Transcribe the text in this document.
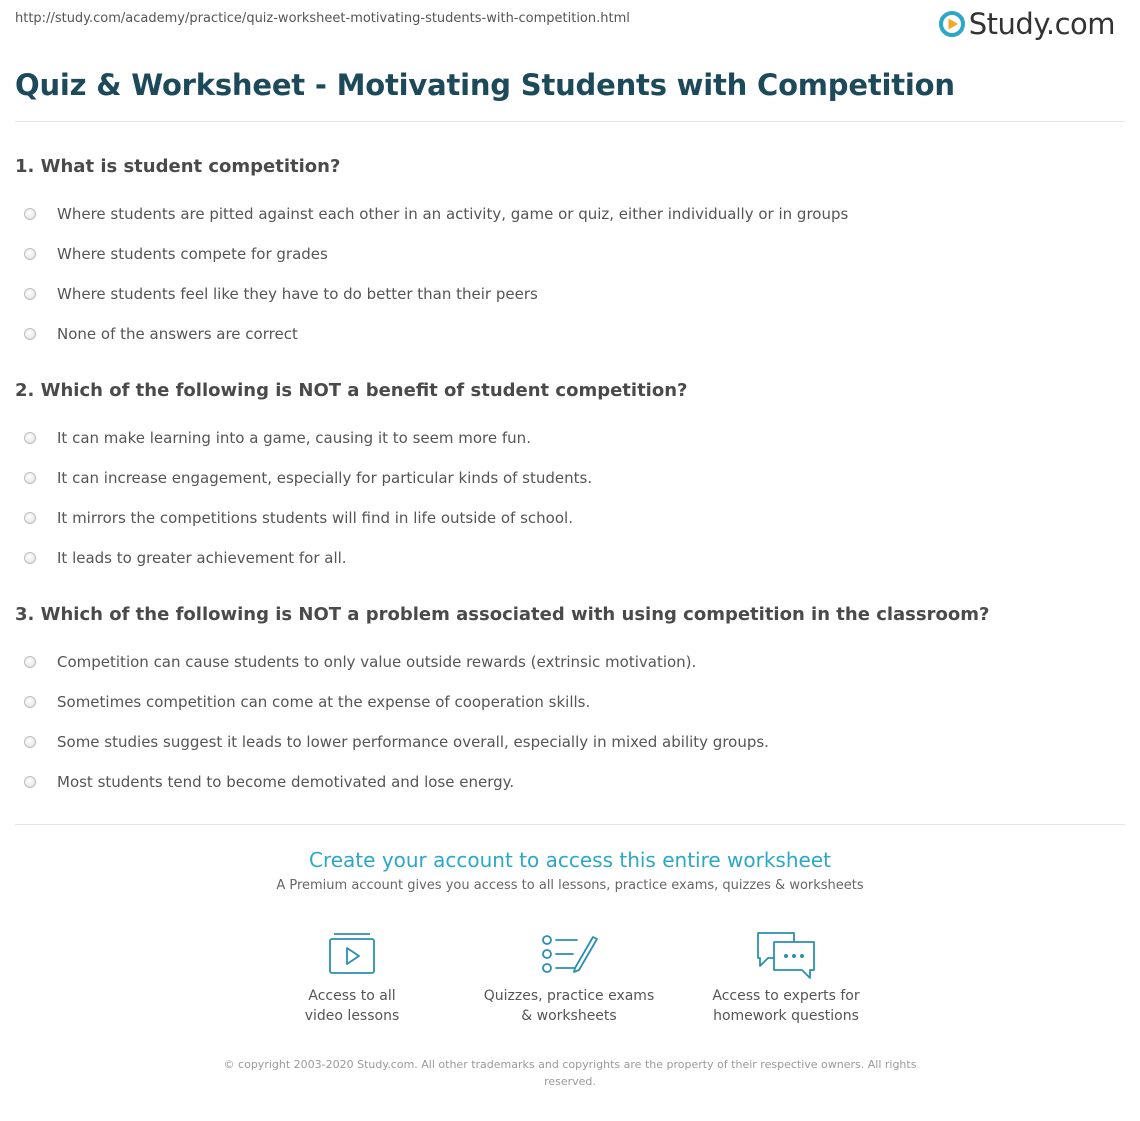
http://study.com/academy/practice/quiz-worksheet-motivating-students-with-competition.html	Study.com
Quiz & Worksheet - Motivating Students with Competition
1. What is student competition?
Where students are pitted against each other in an activity, game or quiz, either individually or in groups
Where students compete for grades
Where students feel like they have to do better than their peers
None of the answers are correct
2. Which of the following is NOT a benefit of student competition?
It can make learning into a game, causing it to seem more fun.
It can increase engagement, especially for particular kinds of students.
It mirrors the competitions students will find in life outside of school.
It leads to greater achievement for all.
3. Which of the following is NOT a problem associated with using competition in the classroom?
Competition can cause students to only value outside rewards (extrinsic motivation).
Sometimes competition can come at the expense of cooperation skills.
Some studies suggest it leads to lower performance overall, especially in mixed ability groups.
Most students tend to become demotivated and lose energy.
Create your account to access this entire worksheet

A Premium account gives you access to all lessons, practice exams, quizzes & worksheets

Access to all
video lessons
Quizzes, practice exams
& worksheets
Access to experts for
homework questions
© copyright 2003-2020 Study.com. All other trademarks and copyrights are the property of their respective owners. All rights reserved.
